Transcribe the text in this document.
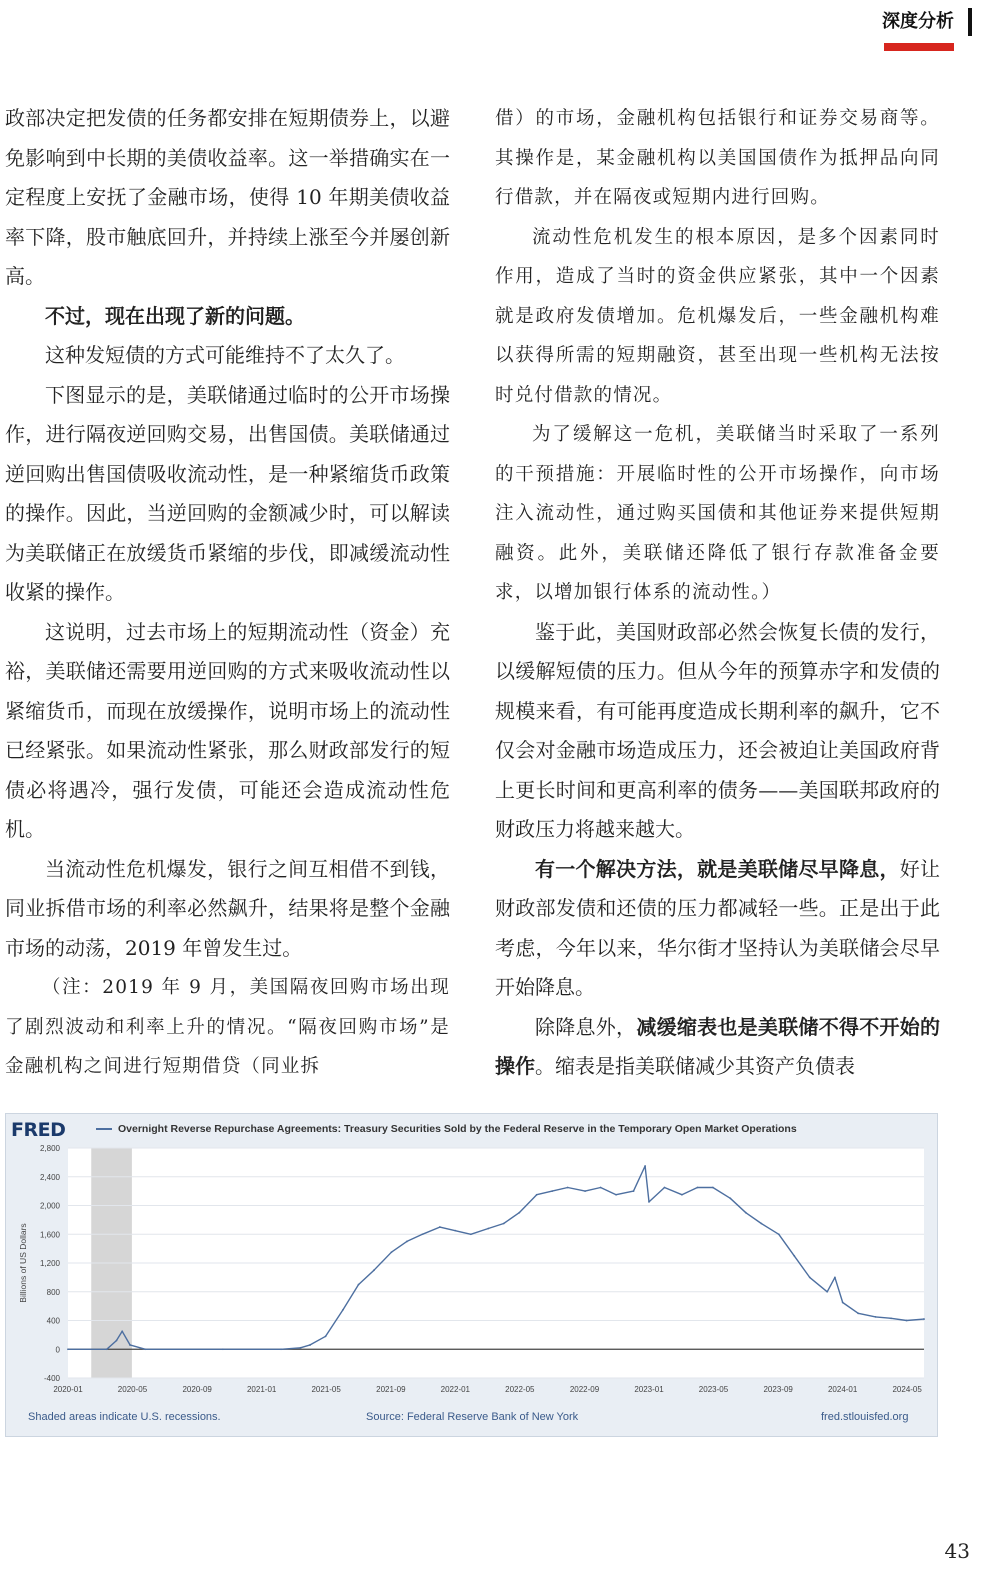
深度分析

政部决定把发债的任务都安排在短期债券上，以避免影响到中长期的美债收益率。这一举措确实在一定程度上安抚了金融市场，使得 10 年期美债收益率下降，股市触底回升，并持续上涨至今并屡创新高。

不过，现在出现了新的问题。

这种发短债的方式可能维持不了太久了。

下图显示的是，美联储通过临时的公开市场操作，进行隔夜逆回购交易，出售国债。美联储通过逆回购出售国债吸收流动性，是一种紧缩货币政策的操作。因此，当逆回购的金额减少时，可以解读为美联储正在放缓货币紧缩的步伐，即减缓流动性收紧的操作。

这说明，过去市场上的短期流动性（资金）充裕，美联储还需要用逆回购的方式来吸收流动性以紧缩货币，而现在放缓操作，说明市场上的流动性已经紧张。如果流动性紧张，那么财政部发行的短债必将遇冷，强行发债，可能还会造成流动性危机。

当流动性危机爆发，银行之间互相借不到钱，同业拆借市场的利率必然飙升，结果将是整个金融市场的动荡，2019 年曾发生过。

（注：2019 年 9 月，美国隔夜回购市场出现了剧烈波动和利率上升的情况。“隔夜回购市场”是金融机构之间进行短期借贷（同业拆

借）的市场，金融机构包括银行和证券交易商等。其操作是，某金融机构以美国国债作为抵押品向同行借款，并在隔夜或短期内进行回购。

流动性危机发生的根本原因，是多个因素同时作用，造成了当时的资金供应紧张，其中一个因素就是政府发债增加。危机爆发后，一些金融机构难以获得所需的短期融资，甚至出现一些机构无法按时兑付借款的情况。

为了缓解这一危机，美联储当时采取了一系列的干预措施：开展临时性的公开市场操作，向市场注入流动性，通过购买国债和其他证券来提供短期融资。此外，美联储还降低了银行存款准备金要求，以增加银行体系的流动性。）

鉴于此，美国财政部必然会恢复长债的发行，以缓解短债的压力。但从今年的预算赤字和发债的规模来看，有可能再度造成长期利率的飙升，它不仅会对金融市场造成压力，还会被迫让美国政府背上更长时间和更高利率的债务——美国联邦政府的财政压力将越来越大。

有一个解决方法，就是美联储尽早降息，好让财政部发债和还债的压力都减轻一些。正是出于此考虑，今年以来，华尔街才坚持认为美联储会尽早开始降息。

除降息外，减缓缩表也是美联储不得不开始的操作。缩表是指美联储减少其资产负债表

FRED	Overnight Reverse Repurchase Agreements: Treasury Securities Sold by the Federal Reserve in the Temporary Open Market Operations
-400
0
400
800
1,200
1,600
2,000
2,400
2,800
2020-01	2020-05	2020-09	2021-01	2021-05	2021-09	2022-01	2022-05	2022-09	2023-01	2023-05	2023-09	2024-01	2024-05
Billions of US Dollars
Shaded areas indicate U.S. recessions.	Source: Federal Reserve Bank of New York	fred.stlouisfed.org
43
